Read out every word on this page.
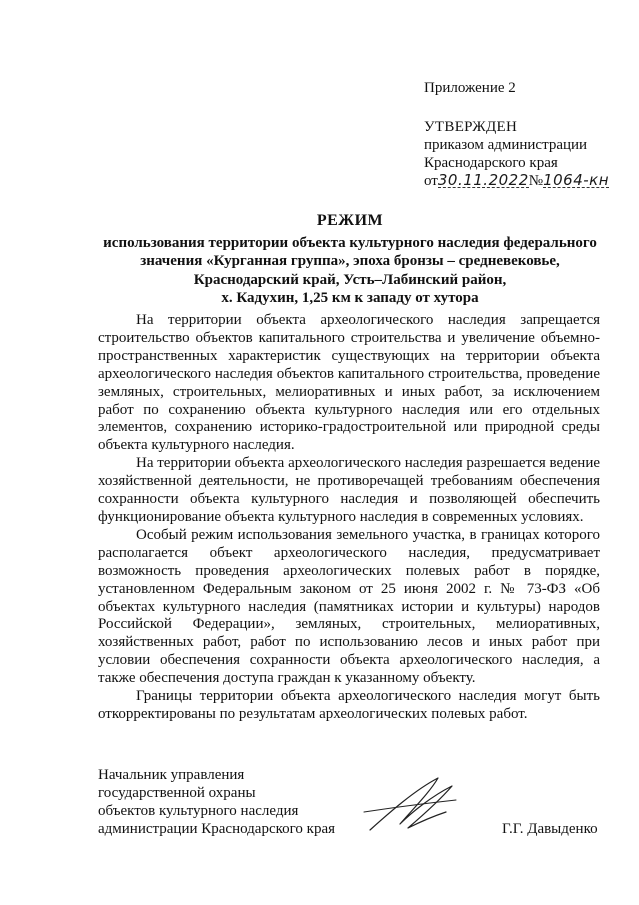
Приложение 2
УТВЕРЖДЕН
приказом администрации
Краснодарского края
от30.11.2022№1064-кн
РЕЖИМ
использования территории объекта культурного наследия федерального
значения «Курганная группа», эпоха бронзы – средневековье,
Краснодарский край, Усть–Лабинский район,
х. Кадухин, 1,25 км к западу от хутора

На территории объекта археологического наследия запрещается строительство объектов капитального строительства и увеличение объемно-пространственных характеристик существующих на территории объекта археологического наследия объектов капитального строительства, проведение земляных, строительных, мелиоративных и иных работ, за исключением работ по сохранению объекта культурного наследия или его отдельных элементов, сохранению историко-градостроительной или природной среды объекта культурного наследия.

На территории объекта археологического наследия разрешается ведение хозяйственной деятельности, не противоречащей требованиям обеспечения сохранности объекта культурного наследия и позволяющей обеспечить функционирование объекта культурного наследия в современных условиях.

Особый режим использования земельного участка, в границах которого располагается объект археологического наследия, предусматривает возможность проведения археологических полевых работ в порядке, установленном Федеральным законом от 25 июня 2002 г. № 73-ФЗ «Об объектах культурного наследия (памятниках истории и культуры) народов Российской Федерации», земляных, строительных, мелиоративных, хозяйственных работ, работ по использованию лесов и иных работ при условии обеспечения сохранности объекта археологического наследия, а также обеспечения доступа граждан к указанному объекту.

Границы территории объекта археологического наследия могут быть откорректированы по результатам археологических полевых работ.

Начальник управления
государственной охраны
объектов культурного наследия
администрации Краснодарского края	Г.Г. Давыденко
